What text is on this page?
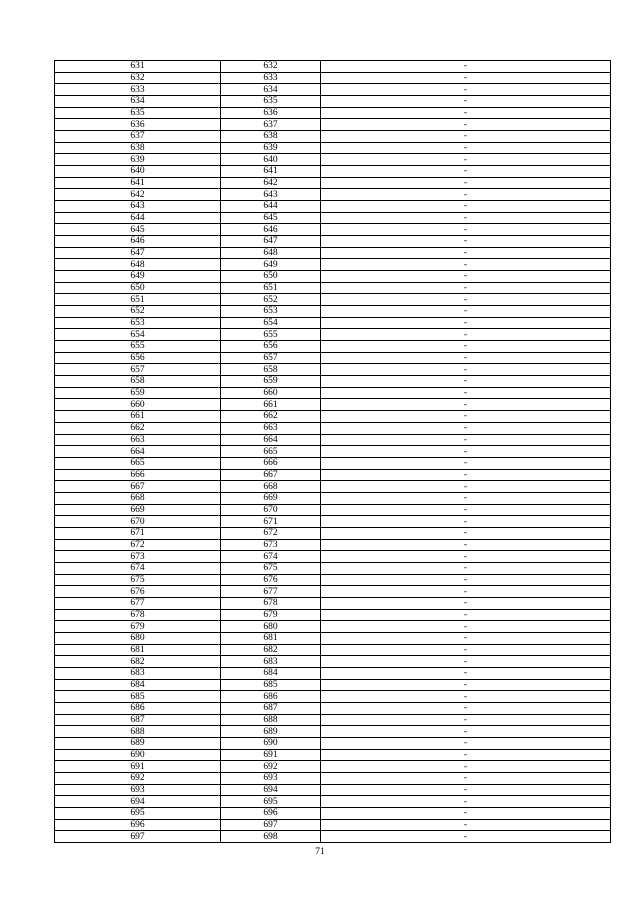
631	632	-
632	633	-
633	634	-
634	635	-
635	636	-
636	637	-
637	638	-
638	639	-
639	640	-
640	641	-
641	642	-
642	643	-
643	644	-
644	645	-
645	646	-
646	647	-
647	648	-
648	649	-
649	650	-
650	651	-
651	652	-
652	653	-
653	654	-
654	655	-
655	656	-
656	657	-
657	658	-
658	659	-
659	660	-
660	661	-
661	662	-
662	663	-
663	664	-
664	665	-
665	666	-
666	667	-
667	668	-
668	669	-
669	670	-
670	671	-
671	672	-
672	673	-
673	674	-
674	675	-
675	676	-
676	677	-
677	678	-
678	679	-
679	680	-
680	681	-
681	682	-
682	683	-
683	684	-
684	685	-
685	686	-
686	687	-
687	688	-
688	689	-
689	690	-
690	691	-
691	692	-
692	693	-
693	694	-
694	695	-
695	696	-
696	697	-
697	698	-
71
